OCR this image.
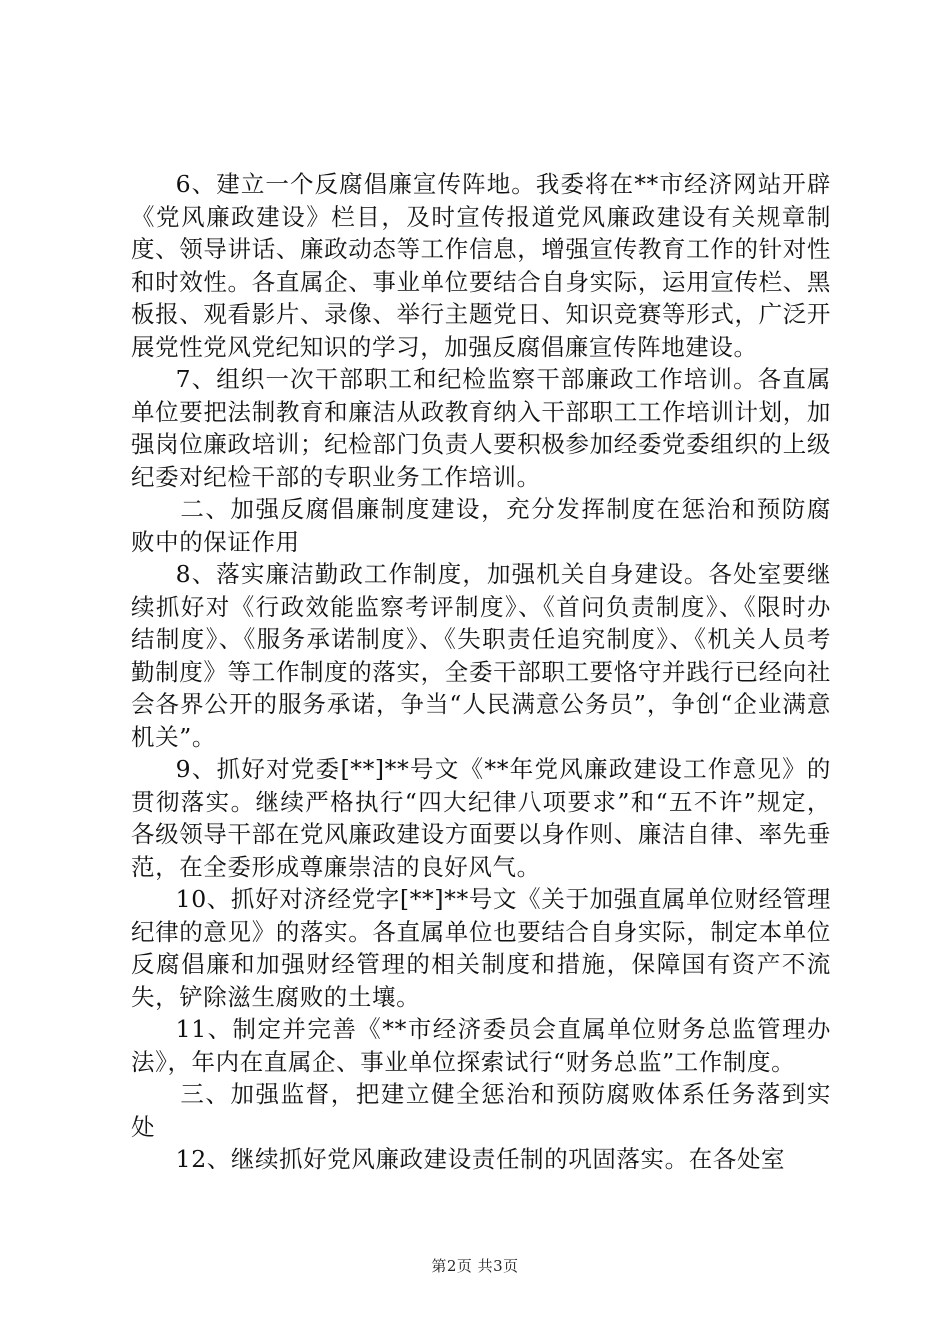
6、建立一个反腐倡廉宣传阵地。我委将在**市经济网站开辟《党风廉政建设》栏目，及时宣传报道党风廉政建设有关规章制度、领导讲话、廉政动态等工作信息，增强宣传教育工作的针对性和时效性。各直属企、事业单位要结合自身实际，运用宣传栏、黑板报、观看影片、录像、举行主题党日、知识竞赛等形式，广泛开展党性党风党纪知识的学习，加强反腐倡廉宣传阵地建设。

7、组织一次干部职工和纪检监察干部廉政工作培训。各直属单位要把法制教育和廉洁从政教育纳入干部职工工作培训计划，加强岗位廉政培训；纪检部门负责人要积极参加经委党委组织的上级纪委对纪检干部的专职业务工作培训。

二、加强反腐倡廉制度建设，充分发挥制度在惩治和预防腐败中的保证作用

8、落实廉洁勤政工作制度，加强机关自身建设。各处室要继续抓好对《行政效能监察考评制度》、《首问负责制度》、《限时办结制度》、《服务承诺制度》、《失职责任追究制度》、《机关人员考勤制度》等工作制度的落实，全委干部职工要恪守并践行已经向社会各界公开的服务承诺，争当“人民满意公务员”，争创“企业满意机关”。

9、抓好对党委[**]**号文《**年党风廉政建设工作意见》的贯彻落实。继续严格执行“四大纪律八项要求”和“五不许”规定，各级领导干部在党风廉政建设方面要以身作则、廉洁自律、率先垂范，在全委形成尊廉崇洁的良好风气。

10、抓好对济经党字[**]**号文《关于加强直属单位财经管理纪律的意见》的落实。各直属单位也要结合自身实际，制定本单位反腐倡廉和加强财经管理的相关制度和措施，保障国有资产不流失，铲除滋生腐败的土壤。

11、制定并完善《**市经济委员会直属单位财务总监管理办法》，年内在直属企、事业单位探索试行“财务总监”工作制度。

三、加强监督，把建立健全惩治和预防腐败体系任务落到实处

12、继续抓好党风廉政建设责任制的巩固落实。在各处室

第2页 共3页
